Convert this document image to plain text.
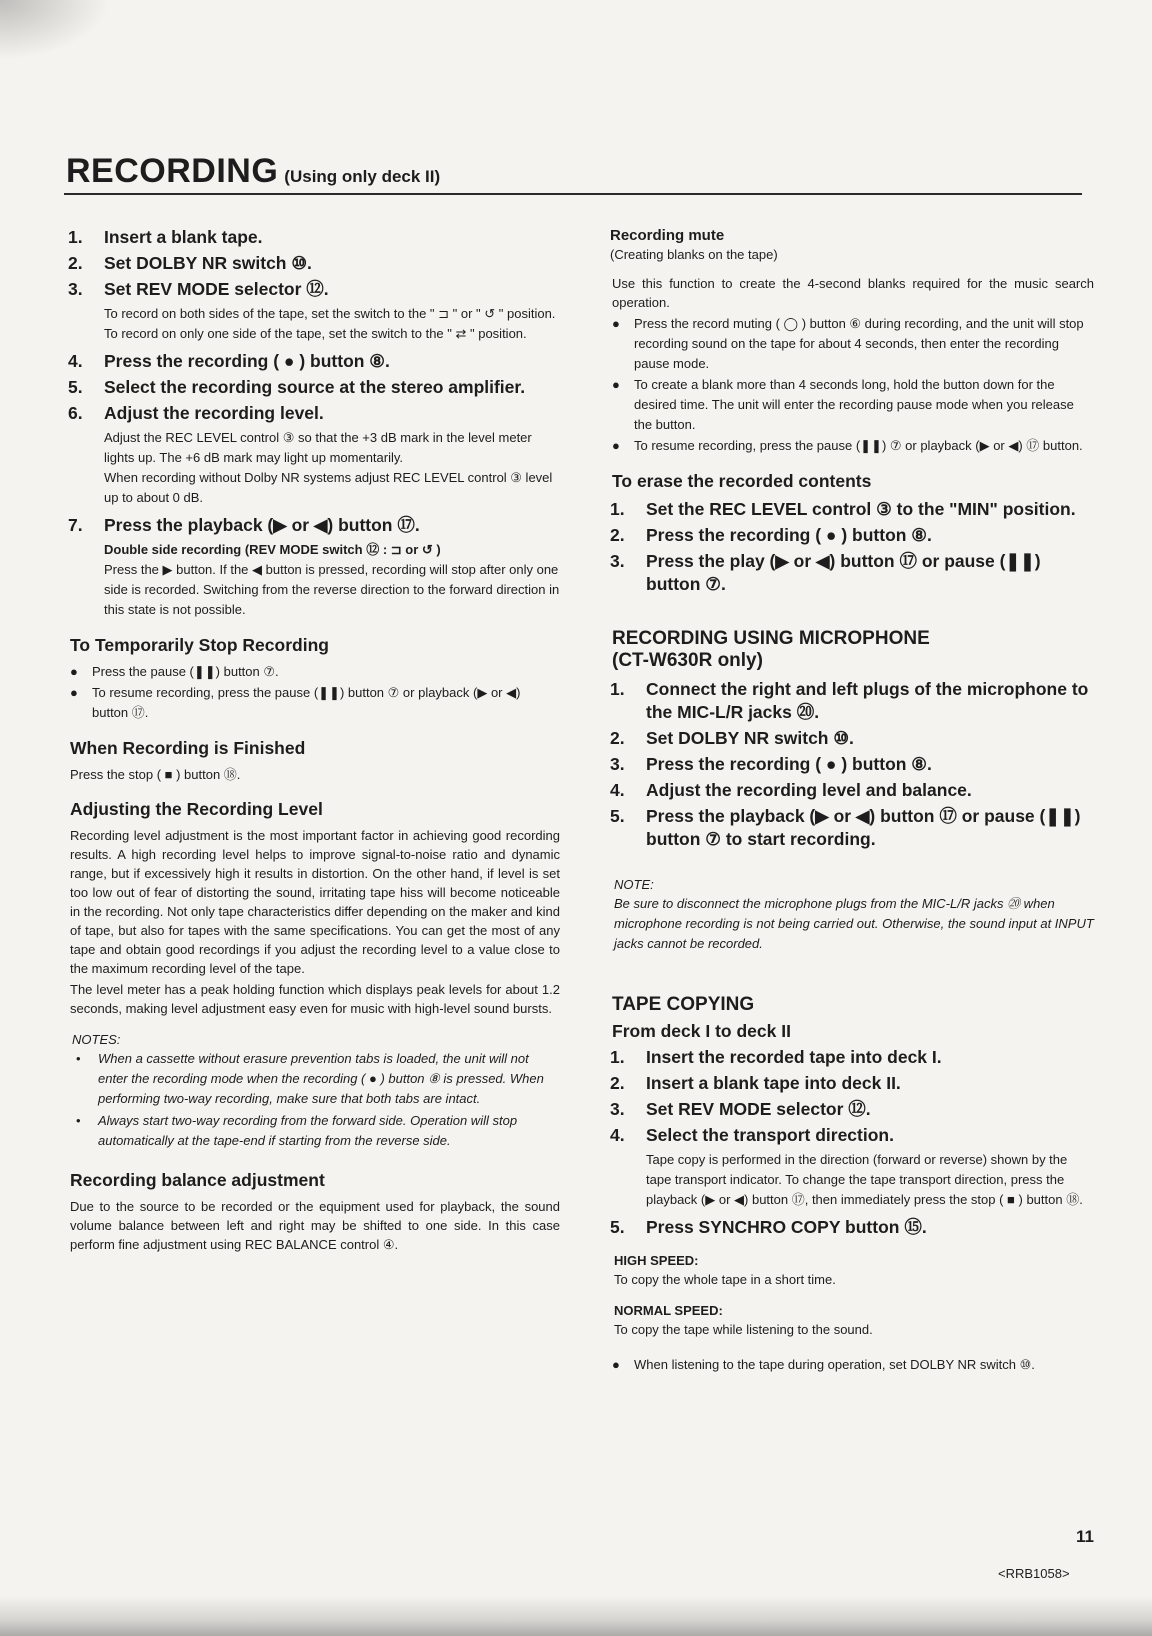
RECORDING (Using only deck II)
1. Insert a blank tape.
2. Set DOLBY NR switch ⑩.
3. Set REV MODE selector ⑫.

To record on both sides of the tape, set the switch to the " ⊐ " or " ↺ " position. To record on only one side of the tape, set the switch to the " ⇄ " position.

4. Press the recording ( ● ) button ⑧.
5. Select the recording source at the stereo amplifier.
6. Adjust the recording level.

Adjust the REC LEVEL control ③ so that the +3 dB mark in the level meter lights up. The +6 dB mark may light up momentarily.

When recording without Dolby NR systems adjust REC LEVEL control ③ level up to about 0 dB.

7. Press the playback (▶ or ◀) button ⑰.

Double side recording (REV MODE switch ⑫ : ⊐ or ↺ )

Press the ▶ button. If the ◀ button is pressed, recording will stop after only one side is recorded. Switching from the reverse direction to the forward direction in this state is not possible.

To Temporarily Stop Recording
● Press the pause (❚❚) button ⑦.
● To resume recording, press the pause (❚❚) button ⑦ or playback (▶ or ◀) button ⑰.
When Recording is Finished

Press the stop ( ■ ) button ⑱.

Adjusting the Recording Level

Recording level adjustment is the most important factor in achieving good recording results. A high recording level helps to improve signal-to-noise ratio and dynamic range, but if excessively high it results in distortion. On the other hand, if level is set too low out of fear of distorting the sound, irritating tape hiss will become noticeable in the recording. Not only tape characteristics differ depending on the maker and kind of tape, but also for tapes with the same specifications. You can get the most of any tape and obtain good recordings if you adjust the recording level to a value close to the maximum recording level of the tape.

The level meter has a peak holding function which displays peak levels for about 1.2 seconds, making level adjustment easy even for music with high-level sound bursts.

NOTES:
• When a cassette without erasure prevention tabs is loaded, the unit will not enter the recording mode when the recording ( ● ) button ⑧ is pressed. When performing two-way recording, make sure that both tabs are intact.
• Always start two-way recording from the forward side. Operation will stop automatically at the tape-end if starting from the reverse side.
Recording balance adjustment

Due to the source to be recorded or the equipment used for playback, the sound volume balance between left and right may be shifted to one side. In this case perform fine adjustment using REC BALANCE control ④.

Recording mute
(Creating blanks on the tape)

Use this function to create the 4-second blanks required for the music search operation.

● Press the record muting ( ◯ ) button ⑥ during recording, and the unit will stop recording sound on the tape for about 4 seconds, then enter the recording pause mode.
● To create a blank more than 4 seconds long, hold the button down for the desired time. The unit will enter the recording pause mode when you release the button.
● To resume recording, press the pause (❚❚) ⑦ or playback (▶ or ◀) ⑰ button.
To erase the recorded contents
1. Set the REC LEVEL control ③ to the "MIN" position.
2. Press the recording ( ● ) button ⑧.
3. Press the play (▶ or ◀) button ⑰ or pause (❚❚) button ⑦.
RECORDING USING MICROPHONE
(CT-W630R only)
1. Connect the right and left plugs of the microphone to the MIC-L/R jacks ⑳.
2. Set DOLBY NR switch ⑩.
3. Press the recording ( ● ) button ⑧.
4. Adjust the recording level and balance.
5. Press the playback (▶ or ◀) button ⑰ or pause (❚❚) button ⑦ to start recording.
NOTE:

Be sure to disconnect the microphone plugs from the MIC-L/R jacks ⑳ when microphone recording is not being carried out. Otherwise, the sound input at INPUT jacks cannot be recorded.

TAPE COPYING
From deck I to deck II
1. Insert the recorded tape into deck I.
2. Insert a blank tape into deck II.
3. Set REV MODE selector ⑫.
4. Select the transport direction.

Tape copy is performed in the direction (forward or reverse) shown by the tape transport indicator. To change the tape transport direction, press the playback (▶ or ◀) button ⑰, then immediately press the stop ( ■ ) button ⑱.

5. Press SYNCHRO COPY button ⑮.
HIGH SPEED:

To copy the whole tape in a short time.

NORMAL SPEED:

To copy the tape while listening to the sound.

● When listening to the tape during operation, set DOLBY NR switch ⑩.
11
<RRB1058>
